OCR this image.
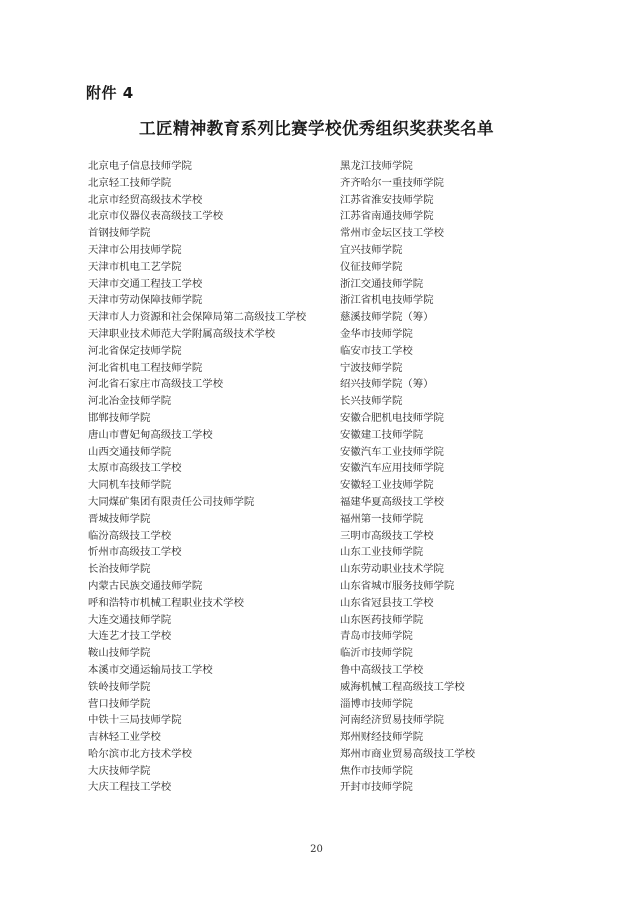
附件 4
工匠精神教育系列比赛学校优秀组织奖获奖名单
北京电子信息技师学院
北京轻工技师学院
北京市经贸高级技术学校
北京市仪器仪表高级技工学校
首钢技师学院
天津市公用技师学院
天津市机电工艺学院
天津市交通工程技工学校
天津市劳动保障技师学院
天津市人力资源和社会保障局第二高级技工学校
天津职业技术师范大学附属高级技术学校
河北省保定技师学院
河北省机电工程技师学院
河北省石家庄市高级技工学校
河北冶金技师学院
邯郸技师学院
唐山市曹妃甸高级技工学校
山西交通技师学院
太原市高级技工学校
大同机车技师学院
大同煤矿集团有限责任公司技师学院
晋城技师学院
临汾高级技工学校
忻州市高级技工学校
长治技师学院
内蒙古民族交通技师学院
呼和浩特市机械工程职业技术学校
大连交通技师学院
大连艺才技工学校
鞍山技师学院
本溪市交通运输局技工学校
铁岭技师学院
营口技师学院
中铁十三局技师学院
吉林轻工业学校
哈尔滨市北方技术学校
大庆技师学院
大庆工程技工学校
黑龙江技师学院
齐齐哈尔一重技师学院
江苏省淮安技师学院
江苏省南通技师学院
常州市金坛区技工学校
宜兴技师学院
仪征技师学院
浙江交通技师学院
浙江省机电技师学院
慈溪技师学院（筹）
金华市技师学院
临安市技工学校
宁波技师学院
绍兴技师学院（筹）
长兴技师学院
安徽合肥机电技师学院
安徽建工技师学院
安徽汽车工业技师学院
安徽汽车应用技师学院
安徽轻工业技师学院
福建华夏高级技工学校
福州第一技师学院
三明市高级技工学校
山东工业技师学院
山东劳动职业技术学院
山东省城市服务技师学院
山东省冠县技工学校
山东医药技师学院
青岛市技师学院
临沂市技师学院
鲁中高级技工学校
威海机械工程高级技工学校
淄博市技师学院
河南经济贸易技师学院
郑州财经技师学院
郑州市商业贸易高级技工学校
焦作市技师学院
开封市技师学院
20
